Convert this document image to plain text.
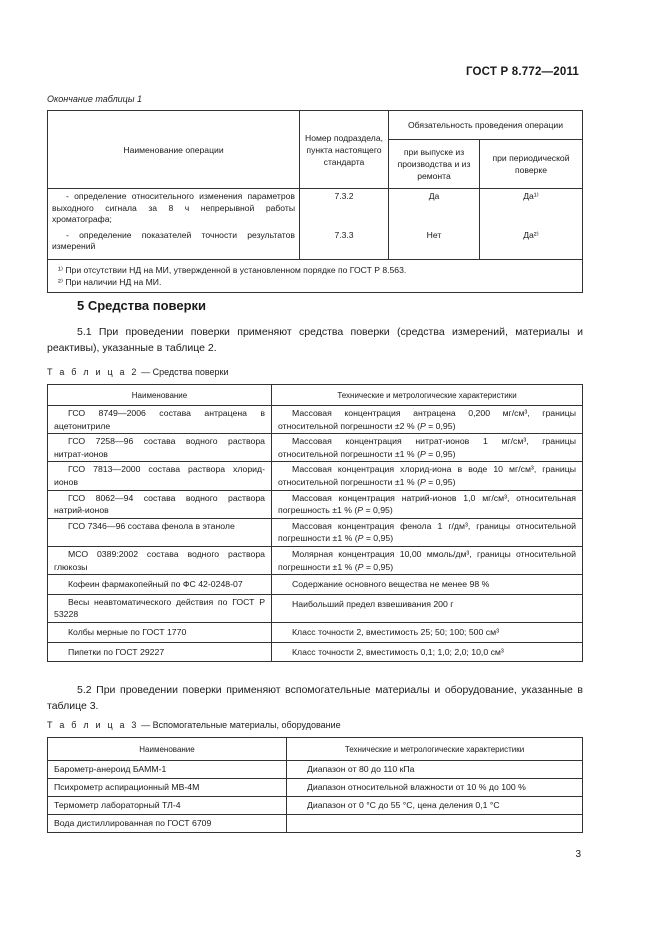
ГОСТ Р 8.772—2011
Окончание таблицы 1
Наименование операции	Номер подраздела, пункта настоящего стандарта	Обязательность проведения операции	
		при выпуске из производства и из ремонта	при периодической поверке

- определение относительного изменения параметров выходного сигнала за 8 ч непрерывной работы хроматографа;	7.3.2	Да	Да¹⁾

- определение показателей точности результатов измерений	7.3.3	Нет	Да²⁾

¹⁾ При отсутствии НД на МИ, утвержденной в установленном порядке по ГОСТ Р 8.563.
²⁾ При наличии НД на МИ.			
5 Средства поверки
5.1 При проведении поверки применяют средства поверки (средства измерений, материалы и реактивы), указанные в таблице 2.
Т а б л и ц а 2 — Средства поверки
Наименование	Технические и метрологические характеристики
ГСО 8749—2006 состава антрацена в ацетонитриле	Массовая концентрация антрацена 0,200 мг/см³, границы относительной погрешности ±2 % (P = 0,95)
ГСО 7258—96 состава водного раствора нитрат-ионов	Массовая концентрация нитрат-ионов 1 мг/см³, границы относительной погрешности ±1 % (P = 0,95)
ГСО 7813—2000 состава раствора хлорид-ионов	Массовая концентрация хлорид-иона в воде 10 мг/см³, границы относительной погрешности ±1 % (P = 0,95)
ГСО 8062—94 состава водного раствора натрий-ионов	Массовая концентрация натрий-ионов 1,0 мг/см³, относительная погрешность ±1 % (P = 0,95)
ГСО 7346—96 состава фенола в этаноле	Массовая концентрация фенола 1 г/дм³, границы относительной погрешности ±1 % (P = 0,95)
МСО 0389:2002 состава водного раствора глюкозы	Молярная концентрация 10,00 ммоль/дм³, границы относительной погрешности ±1 % (P = 0,95)
Кофеин фармакопейный по ФС 42-0248-07	Содержание основного вещества не менее 98 %
Весы неавтоматического действия по ГОСТ Р 53228	Наибольший предел взвешивания 200 г
Колбы мерные по ГОСТ 1770	Класс точности 2, вместимость 25; 50; 100; 500 см³
Пипетки по ГОСТ 29227	Класс точности 2, вместимость 0,1; 1,0; 2,0; 10,0 см³
5.2 При проведении поверки применяют вспомогательные материалы и оборудование, указанные в таблице 3.
Т а б л и ц а 3 — Вспомогательные материалы, оборудование
Наименование	Технические и метрологические характеристики
Барометр-анероид БАММ-1	Диапазон от 80 до 110 кПа
Психрометр аспирационный МВ-4М	Диапазон относительной влажности от 10 % до 100 %
Термометр лабораторный ТЛ-4	Диапазон от 0 °С до 55 °С, цена деления 0,1 °С
Вода дистиллированная по ГОСТ 6709	
3
